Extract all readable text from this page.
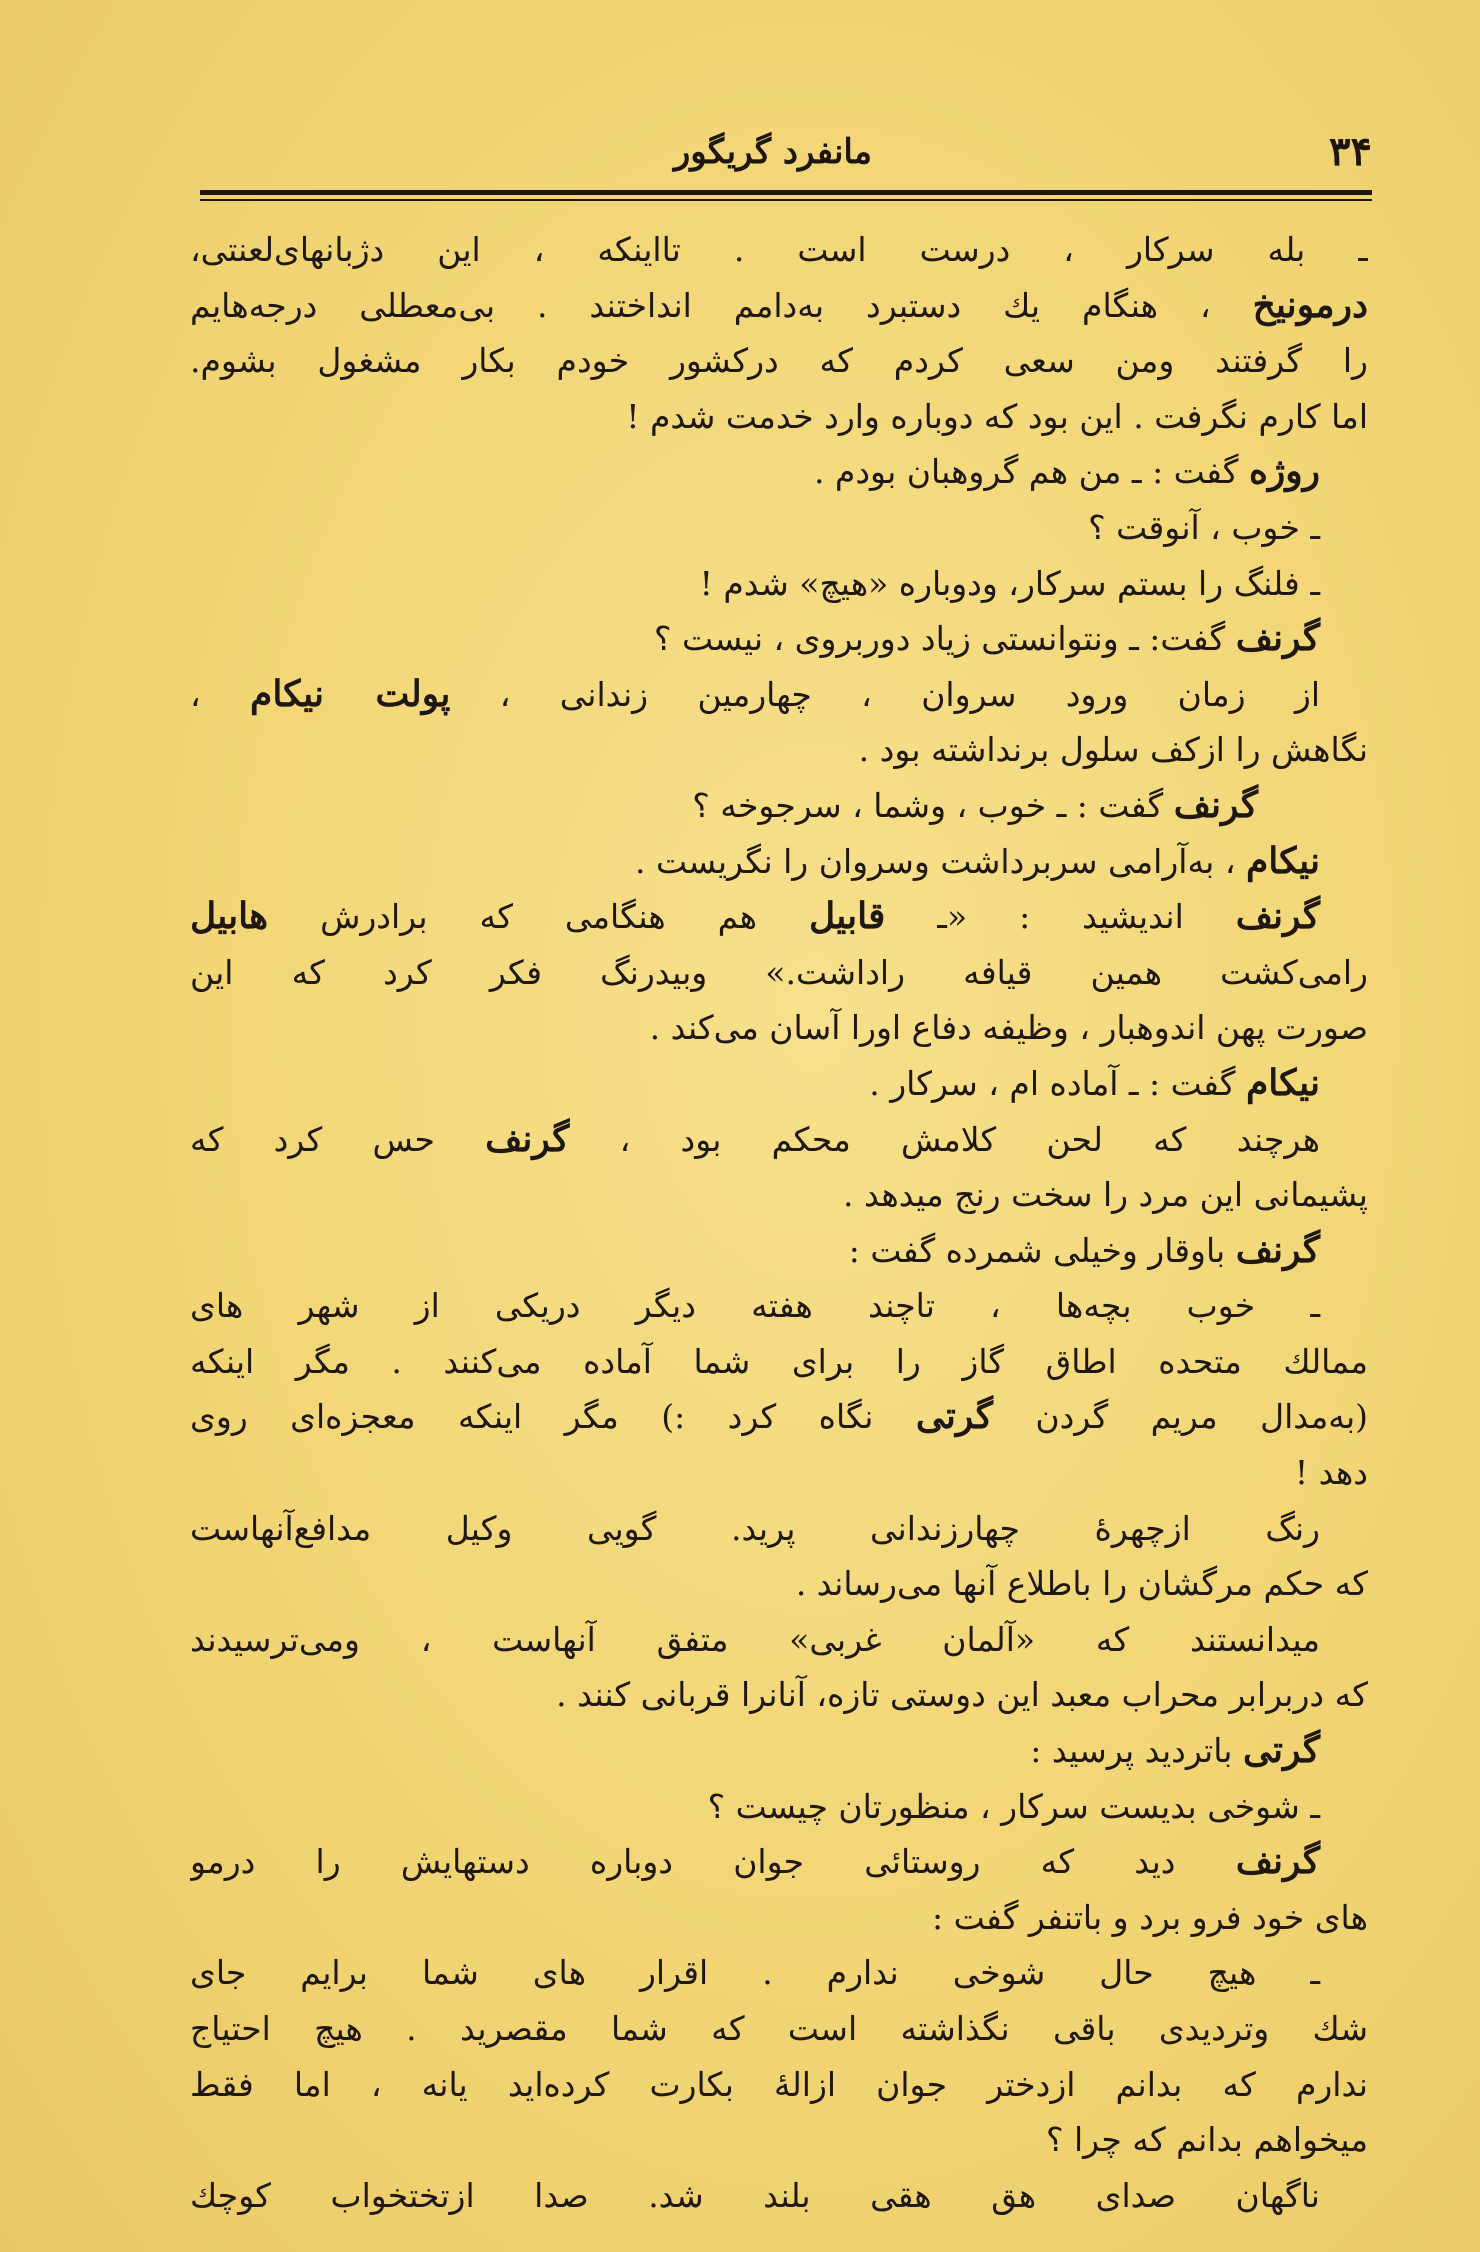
۳۴
مانفرد گریگور
ـ بله سرکار ، درست است . تااینکه ، این دژبانهای‌لعنتی،
درمونیخ ، هنگام یك دستبرد به‌دامم انداختند . بی‌معطلی درجه‌هایم
را گرفتند ومن سعی کردم که درکشور خودم بکار مشغول بشوم.
اما کارم نگرفت . این بود که دوباره وارد خدمت شدم !
روژه گفت : ـ من هم گروهبان بودم .
ـ خوب ، آنوقت ؟
ـ فلنگ را بستم سرکار، ودوباره «هیچ» شدم !
گرنف گفت: ـ ونتوانستی زیاد دوربروی ، نیست ؟
از زمان ورود سروان ، چهارمین زندانی ، پولت نیکام ،
نگاهش را ازکف سلول برنداشته بود .
گرنف گفت : ـ خوب ، وشما ، سرجوخه ؟
نیکام ، به‌آرامی سربرداشت وسروان را نگریست .
گرنف اندیشید : «ـ قابیل هم هنگامی که برادرش هابیل
رامی‌کشت همین قیافه راداشت.» وبیدرنگ فکر کرد که این
صورت پهن اندوهبار ، وظیفه دفاع اورا آسان می‌کند .
نیکام گفت : ـ آماده ام ، سرکار .
هرچند که لحن کلامش محکم بود ، گرنف حس کرد که
پشیمانی این مرد را سخت رنج میدهد .
گرنف باوقار وخیلی شمرده گفت :
ـ خوب بچه‌ها ، تاچند هفته دیگر دریکی از شهر های
ممالك متحده اطاق گاز را برای شما آماده می‌کنند . مگر اینکه
(به‌مدال مریم گردن گرتی نگاه کرد :) مگر اینکه معجزه‌ای روی
دهد !
رنگ ازچهرهٔ چهارزندانی پرید. گویی وکیل مدافع‌آنهاست
که حکم مرگشان را باطلاع آنها می‌رساند .
میدانستند که «آلمان غربی» متفق آنهاست ، ومی‌ترسیدند
که دربرابر محراب معبد این دوستی تازه، آنانرا قربانی کنند .
گرتی باتردید پرسید :
ـ شوخی بدیست سرکار ، منظورتان چیست ؟
گرنف دید که روستائی جوان دوباره دستهایش را درمو
های خود فرو برد و باتنفر گفت :
ـ هیچ حال شوخی ندارم . اقرار های شما برایم جای
شك وتردیدی باقی نگذاشته است که شما مقصرید . هیچ احتیاج
ندارم که بدانم ازدختر جوان ازالهٔ بکارت کرده‌اید یانه ، اما فقط
میخواهم بدانم که چرا ؟
ناگهان صدای هق هقی بلند شد. صدا ازتختخواب کوچك
